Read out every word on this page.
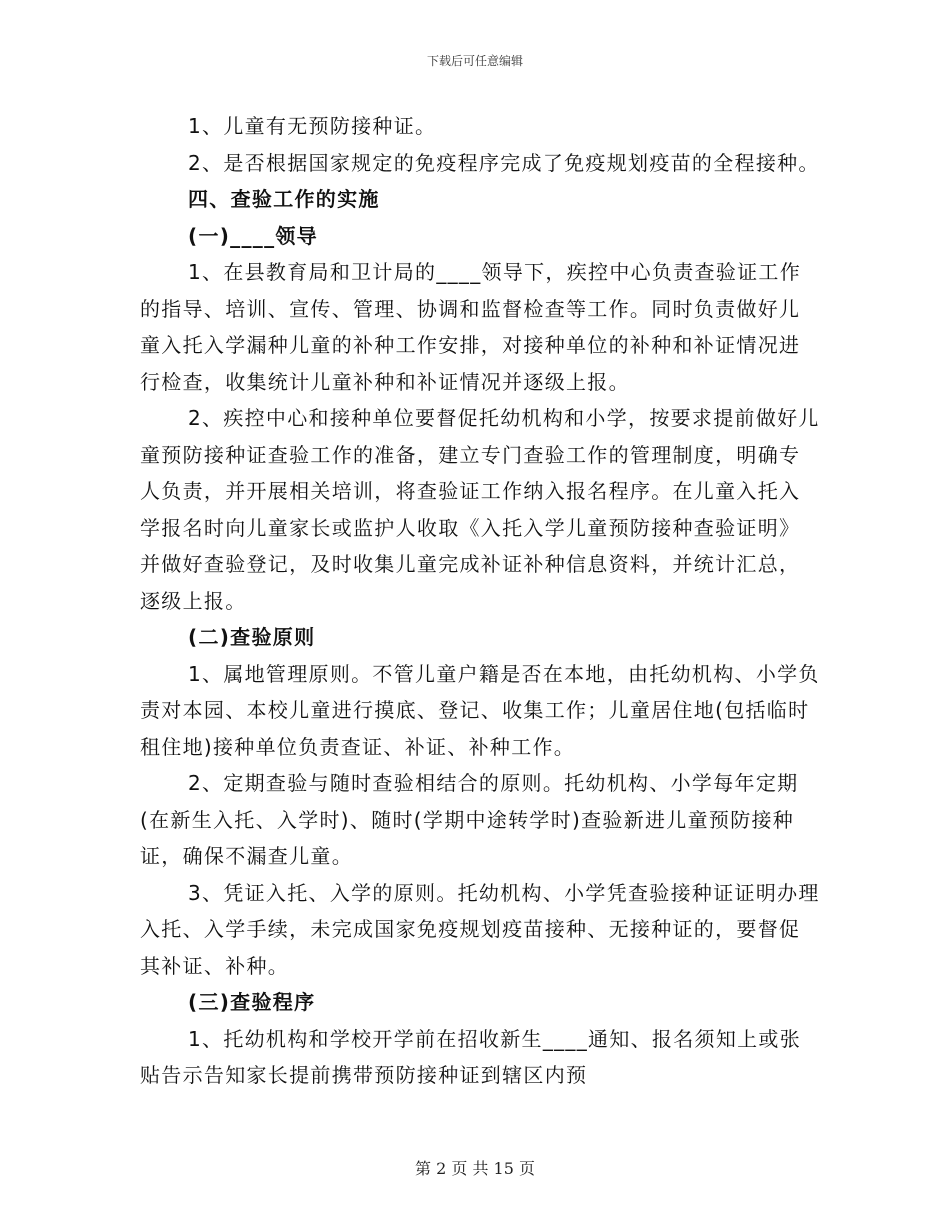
下载后可任意编辑

1、儿童有无预防接种证。

2、是否根据国家规定的免疫程序完成了免疫规划疫苗的全程接种。

四、查验工作的实施

(一)____领导

1、在县教育局和卫计局的____领导下，疾控中心负责查验证工作的指导、培训、宣传、管理、协调和监督检查等工作。同时负责做好儿童入托入学漏种儿童的补种工作安排，对接种单位的补种和补证情况进行检查，收集统计儿童补种和补证情况并逐级上报。

2、疾控中心和接种单位要督促托幼机构和小学，按要求提前做好儿童预防接种证查验工作的准备，建立专门查验工作的管理制度，明确专人负责，并开展相关培训，将查验证工作纳入报名程序。在儿童入托入学报名时向儿童家长或监护人收取《入托入学儿童预防接种查验证明》并做好查验登记，及时收集儿童完成补证补种信息资料，并统计汇总，逐级上报。

(二)查验原则

1、属地管理原则。不管儿童户籍是否在本地，由托幼机构、小学负责对本园、本校儿童进行摸底、登记、收集工作；儿童居住地(包括临时租住地)接种单位负责查证、补证、补种工作。

2、定期查验与随时查验相结合的原则。托幼机构、小学每年定期(在新生入托、入学时)、随时(学期中途转学时)查验新进儿童预防接种证，确保不漏查儿童。

3、凭证入托、入学的原则。托幼机构、小学凭查验接种证证明办理入托、入学手续，未完成国家免疫规划疫苗接种、无接种证的，要督促其补证、补种。

(三)查验程序

1、托幼机构和学校开学前在招收新生____通知、报名须知上或张贴告示告知家长提前携带预防接种证到辖区内预

第 2 页 共 15 页
